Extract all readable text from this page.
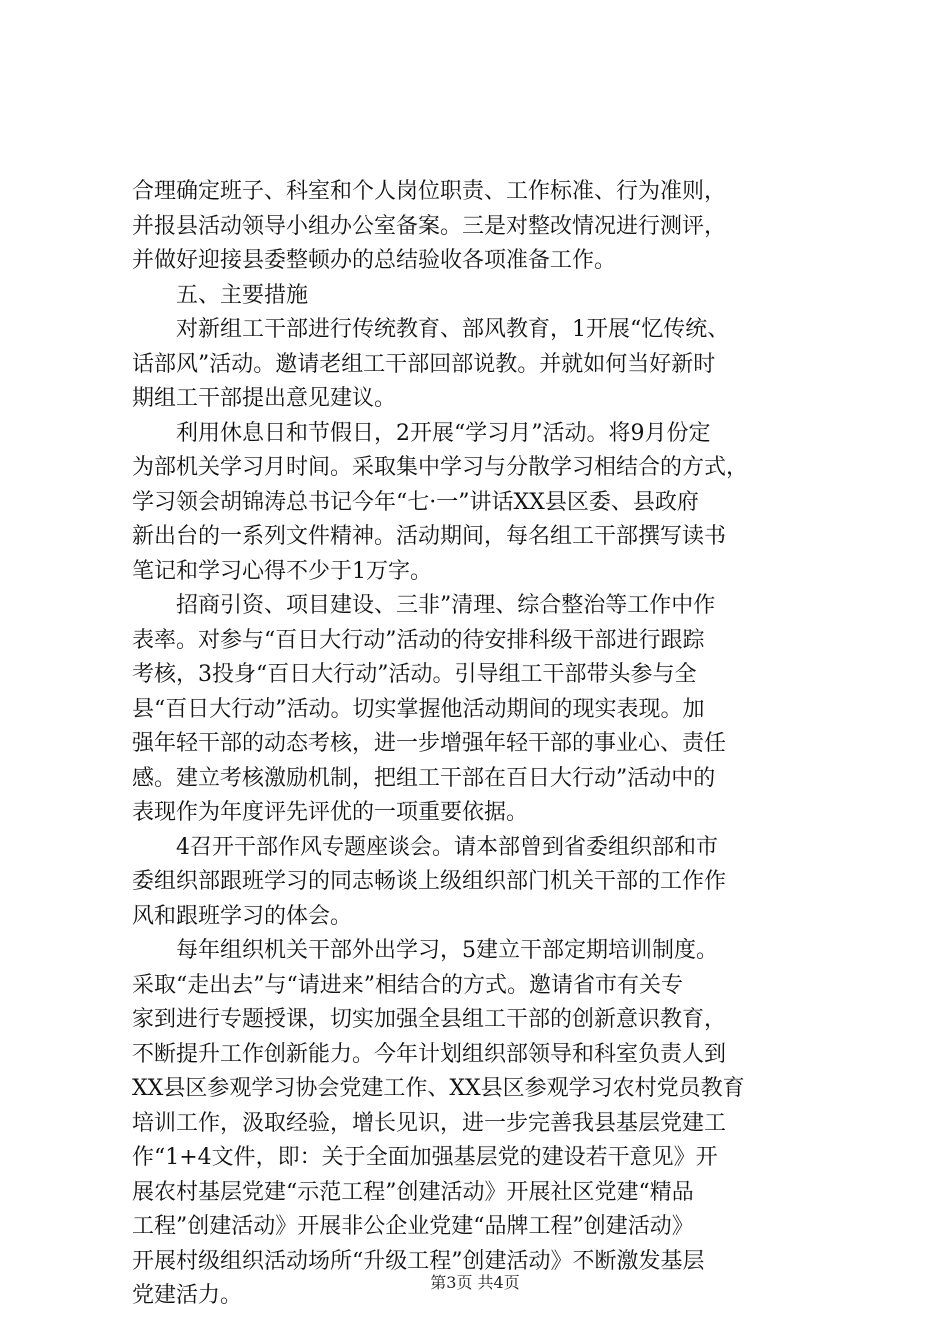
合理确定班子、科室和个人岗位职责、工作标准、行为准则，
并报县活动领导小组办公室备案。三是对整改情况进行测评，
并做好迎接县委整顿办的总结验收各项准备工作。
五、主要措施
对新组工干部进行传统教育、部风教育，1开展“忆传统、
话部风”活动。邀请老组工干部回部说教。并就如何当好新时
期组工干部提出意见建议。
利用休息日和节假日，2开展“学习月”活动。将9月份定
为部机关学习月时间。采取集中学习与分散学习相结合的方式，
学习领会胡锦涛总书记今年“七·一”讲话XX县区委、县政府
新出台的一系列文件精神。活动期间，每名组工干部撰写读书
笔记和学习心得不少于1万字。
招商引资、项目建设、三非”清理、综合整治等工作中作
表率。对参与“百日大行动”活动的待安排科级干部进行跟踪
考核，3投身“百日大行动”活动。引导组工干部带头参与全
县“百日大行动”活动。切实掌握他活动期间的现实表现。加
强年轻干部的动态考核，进一步增强年轻干部的事业心、责任
感。建立考核激励机制，把组工干部在百日大行动”活动中的
表现作为年度评先评优的一项重要依据。
4召开干部作风专题座谈会。请本部曾到省委组织部和市
委组织部跟班学习的同志畅谈上级组织部门机关干部的工作作
风和跟班学习的体会。
每年组织机关干部外出学习，5建立干部定期培训制度。
采取“走出去”与“请进来”相结合的方式。邀请省市有关专
家到进行专题授课，切实加强全县组工干部的创新意识教育，
不断提升工作创新能力。今年计划组织部领导和科室负责人到
XX县区参观学习协会党建工作、XX县区参观学习农村党员教育
培训工作，汲取经验，增长见识，进一步完善我县基层党建工
作“1+4文件，即：关于全面加强基层党的建设若干意见》开
展农村基层党建“示范工程”创建活动》开展社区党建“精品
工程”创建活动》开展非公企业党建“品牌工程”创建活动》
开展村级组织活动场所“升级工程”创建活动》不断激发基层
党建活力。
第3页 共4页
